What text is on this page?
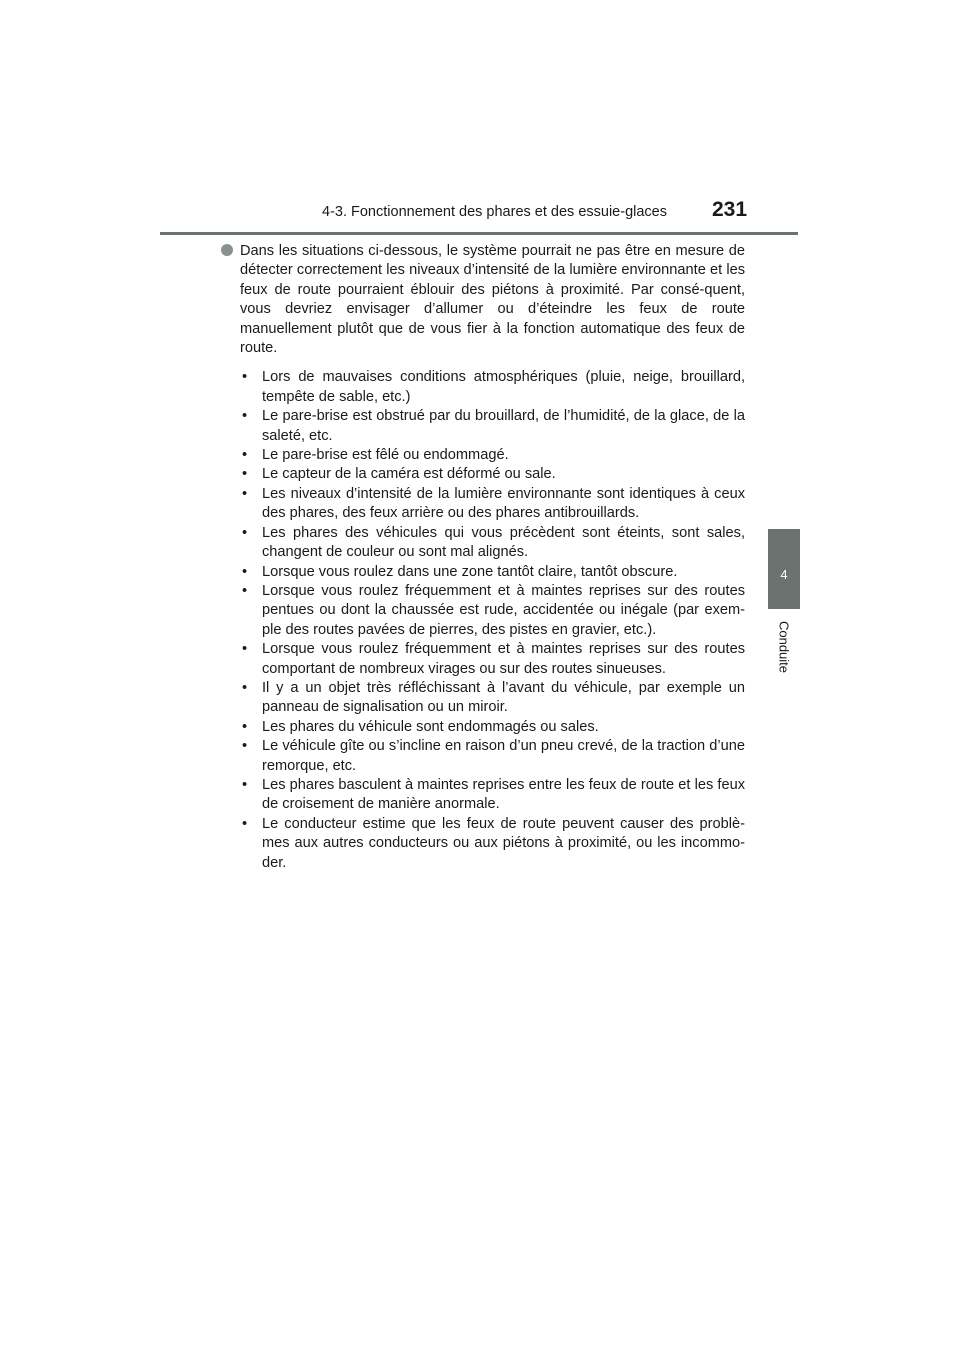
4-3. Fonctionnement des phares et des essuie-glaces 231
4
Conduite

Dans les situations ci-dessous, le système pourrait ne pas être en mesure de détecter correctement les niveaux d’intensité de la lumière environnante et les feux de route pourraient éblouir des piétons à proximité. Par consé-quent, vous devriez envisager d’allumer ou d’éteindre les feux de route manuellement plutôt que de vous fier à la fonction automatique des feux de route.

• Lors de mauvaises conditions atmosphériques (pluie, neige, brouillard, tempête de sable, etc.)
• Le pare-brise est obstrué par du brouillard, de l’humidité, de la glace, de la saleté, etc.
• Le pare-brise est fêlé ou endommagé.
• Le capteur de la caméra est déformé ou sale.
• Les niveaux d’intensité de la lumière environnante sont identiques à ceux des phares, des feux arrière ou des phares antibrouillards.
• Les phares des véhicules qui vous précèdent sont éteints, sont sales, changent de couleur ou sont mal alignés.
• Lorsque vous roulez dans une zone tantôt claire, tantôt obscure.
• Lorsque vous roulez fréquemment et à maintes reprises sur des routes pentues ou dont la chaussée est rude, accidentée ou inégale (par exem-ple des routes pavées de pierres, des pistes en gravier, etc.).
• Lorsque vous roulez fréquemment et à maintes reprises sur des routes comportant de nombreux virages ou sur des routes sinueuses.
• Il y a un objet très réfléchissant à l’avant du véhicule, par exemple un panneau de signalisation ou un miroir.
• Les phares du véhicule sont endommagés ou sales.
• Le véhicule gîte ou s’incline en raison d’un pneu crevé, de la traction d’une remorque, etc.
• Les phares basculent à maintes reprises entre les feux de route et les feux de croisement de manière anormale.
• Le conducteur estime que les feux de route peuvent causer des problè-mes aux autres conducteurs ou aux piétons à proximité, ou les incommo-der.
